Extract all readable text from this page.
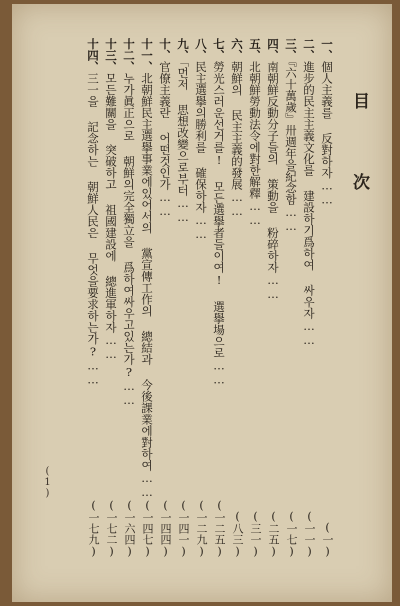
目 次
一、個人主義를 反對하자……
(一)
二、進步的民主主義文化를 建設하기爲하여 싸우자……
(一一)
三、『六十萬歲』卅週年을紀念함……
(一七)
四、南朝鮮反動分子들의 策動을 粉碎하자……
(二五)
五、北朝鮮勞動法令에對한解釋……
(三一)
六、朝鮮의 民主主義的發展……
(八三)
七、勞光스러운선거를! 모든選擧者들이여! 選擧場으로……
(一二五)
八、民主選擧의勝利를 確保하자……
(一二九)
九、「먼저 思想改變으로부터……
(一四一)
十、官僚主義란 어떤것인가……
(一四四)
十一、北朝鮮民主選擧事業에있어서의 黨宣傳工作의 總結과 今後課業에對하여……
(一四七)
十二、누가眞正으로 朝鮮의完全獨立을 爲하여싸우고있는가?……
(一六四)
十三、모든難關을 突破하고 祖國建設에 總進軍하자……
(一七二)
十四、三一을 記念하는 朝鮮人民은 무엇을要求하는가?……
(一七九)
(1)
